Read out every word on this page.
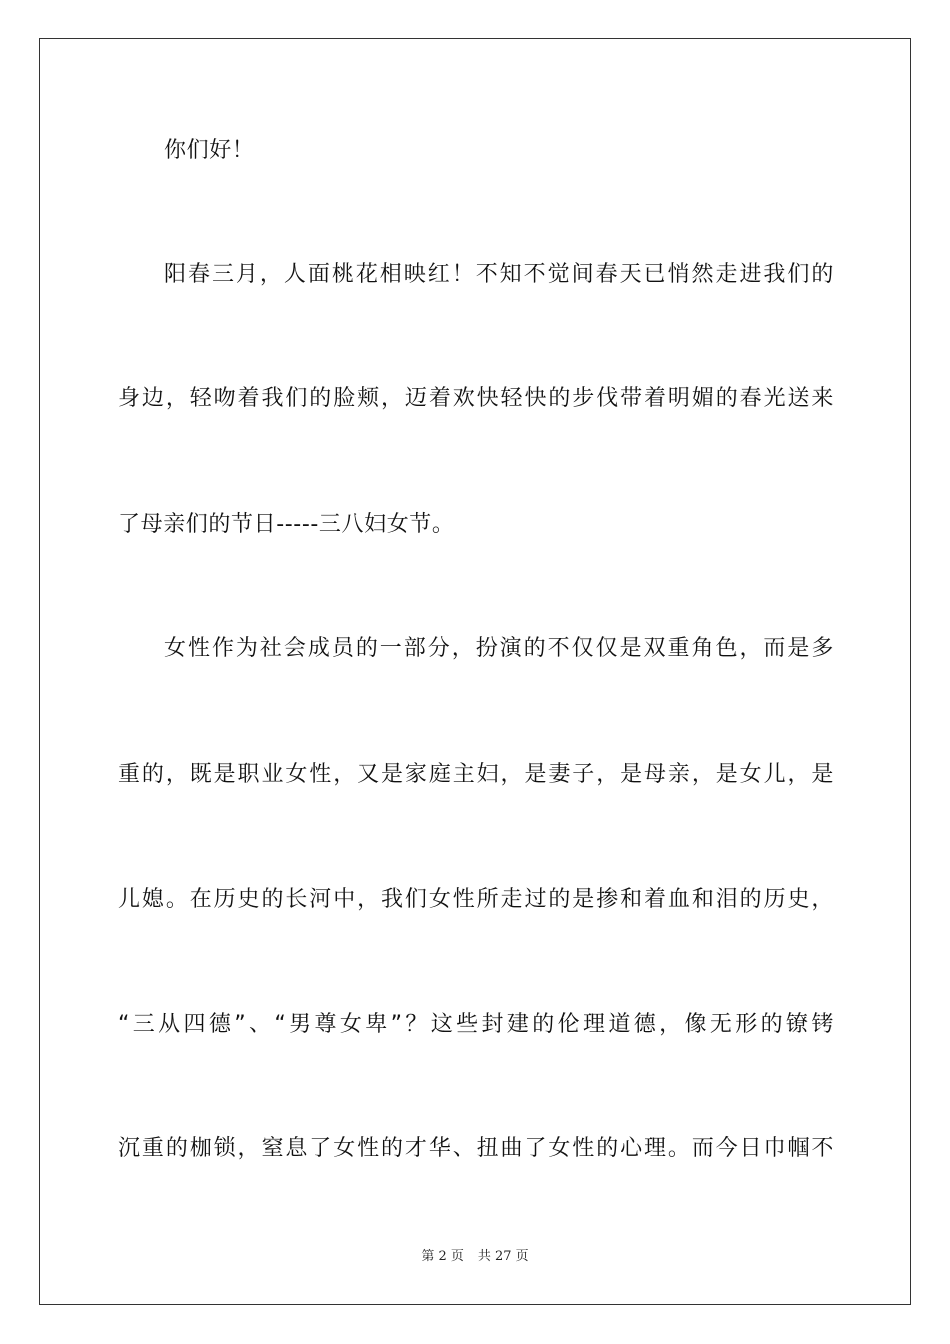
你们好！
阳春三月，人面桃花相映红！不知不觉间春天已悄然走进我们的
身边，轻吻着我们的脸颊，迈着欢快轻快的步伐带着明媚的春光送来
了母亲们的节日-----三八妇女节。
女性作为社会成员的一部分，扮演的不仅仅是双重角色，而是多
重的，既是职业女性，又是家庭主妇，是妻子，是母亲，是女儿，是
儿媳。在历史的长河中，我们女性所走过的是掺和着血和泪的历史，
“三从四德”、“男尊女卑”？这些封建的伦理道德，像无形的镣铐
沉重的枷锁，窒息了女性的才华、扭曲了女性的心理。而今日巾帼不
第 2 页 共 27 页
